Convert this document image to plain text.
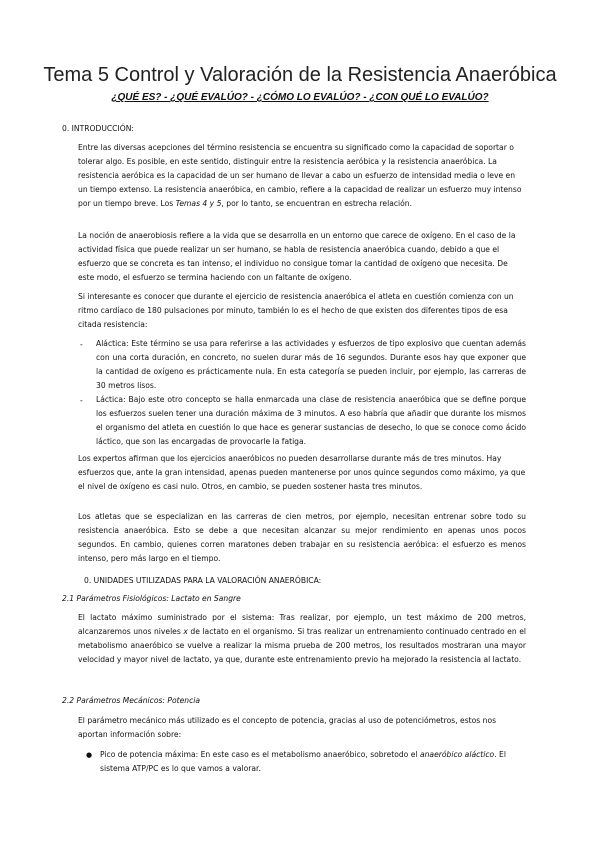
Tema 5 Control y Valoración de la Resistencia Anaeróbica
¿QUÉ ES? - ¿QUÉ EVALÚO? - ¿CÓMO LO EVALÚO? - ¿CON QUÉ LO EVALÚO?
0. INTRODUCCIÓN:
Entre las diversas acepciones del término resistencia se encuentra su significado como la capacidad de soportar o tolerar algo. Es posible, en este sentido, distinguir entre la resistencia aeróbica y la resistencia anaeróbica. La resistencia aeróbica es la capacidad de un ser humano de llevar a cabo un esfuerzo de intensidad media o leve en un tiempo extenso. La resistencia anaeróbica, en cambio, refiere a la capacidad de realizar un esfuerzo muy intenso por un tiempo breve. Los Temas 4 y 5, por lo tanto, se encuentran en estrecha relación.
La noción de anaerobiosis refiere a la vida que se desarrolla en un entorno que carece de oxígeno. En el caso de la actividad física que puede realizar un ser humano, se habla de resistencia anaeróbica cuando, debido a que el esfuerzo que se concreta es tan intenso, el individuo no consigue tomar la cantidad de oxígeno que necesita. De este modo, el esfuerzo se termina haciendo con un faltante de oxígeno.
Si interesante es conocer que durante el ejercicio de resistencia anaeróbica el atleta en cuestión comienza con un ritmo cardíaco de 180 pulsaciones por minuto, también lo es el hecho de que existen dos diferentes tipos de esa citada resistencia:
- Aláctica: Este término se usa para referirse a las actividades y esfuerzos de tipo explosivo que cuentan además con una corta duración, en concreto, no suelen durar más de 16 segundos. Durante esos hay que exponer que la cantidad de oxígeno es prácticamente nula. En esta categoría se pueden incluir, por ejemplo, las carreras de 30 metros lisos.
- Láctica: Bajo este otro concepto se halla enmarcada una clase de resistencia anaeróbica que se define porque los esfuerzos suelen tener una duración máxima de 3 minutos. A eso habría que añadir que durante los mismos el organismo del atleta en cuestión lo que hace es generar sustancias de desecho, lo que se conoce como ácido láctico, que son las encargadas de provocarle la fatiga.
Los expertos afirman que los ejercicios anaeróbicos no pueden desarrollarse durante más de tres minutos. Hay esfuerzos que, ante la gran intensidad, apenas pueden mantenerse por unos quince segundos como máximo, ya que el nivel de oxígeno es casi nulo. Otros, en cambio, se pueden sostener hasta tres minutos.
Los atletas que se especializan en las carreras de cien metros, por ejemplo, necesitan entrenar sobre todo su resistencia anaeróbica. Esto se debe a que necesitan alcanzar su mejor rendimiento en apenas unos pocos segundos. En cambio, quienes corren maratones deben trabajar en su resistencia aeróbica: el esfuerzo es menos intenso, pero más largo en el tiempo.
0. UNIDADES UTILIZADAS PARA LA VALORACIÓN ANAERÓBICA:
2.1 Parámetros Fisiológicos: Lactato en Sangre
El lactato máximo suministrado por el sistema: Tras realizar, por ejemplo, un test máximo de 200 metros, alcanzaremos unos niveles x de lactato en el organismo. Si tras realizar un entrenamiento continuado centrado en el metabolismo anaeróbico se vuelve a realizar la misma prueba de 200 metros, los resultados mostraran una mayor velocidad y mayor nivel de lactato, ya que, durante este entrenamiento previo ha mejorado la resistencia al lactato.
2.2 Parámetros Mecánicos: Potencia
El parámetro mecánico más utilizado es el concepto de potencia, gracias al uso de potenciómetros, estos nos aportan información sobre:
● Pico de potencia máxima: En este caso es el metabolismo anaeróbico, sobretodo el anaeróbico aláctico. El sistema ATP/PC es lo que vamos a valorar.
